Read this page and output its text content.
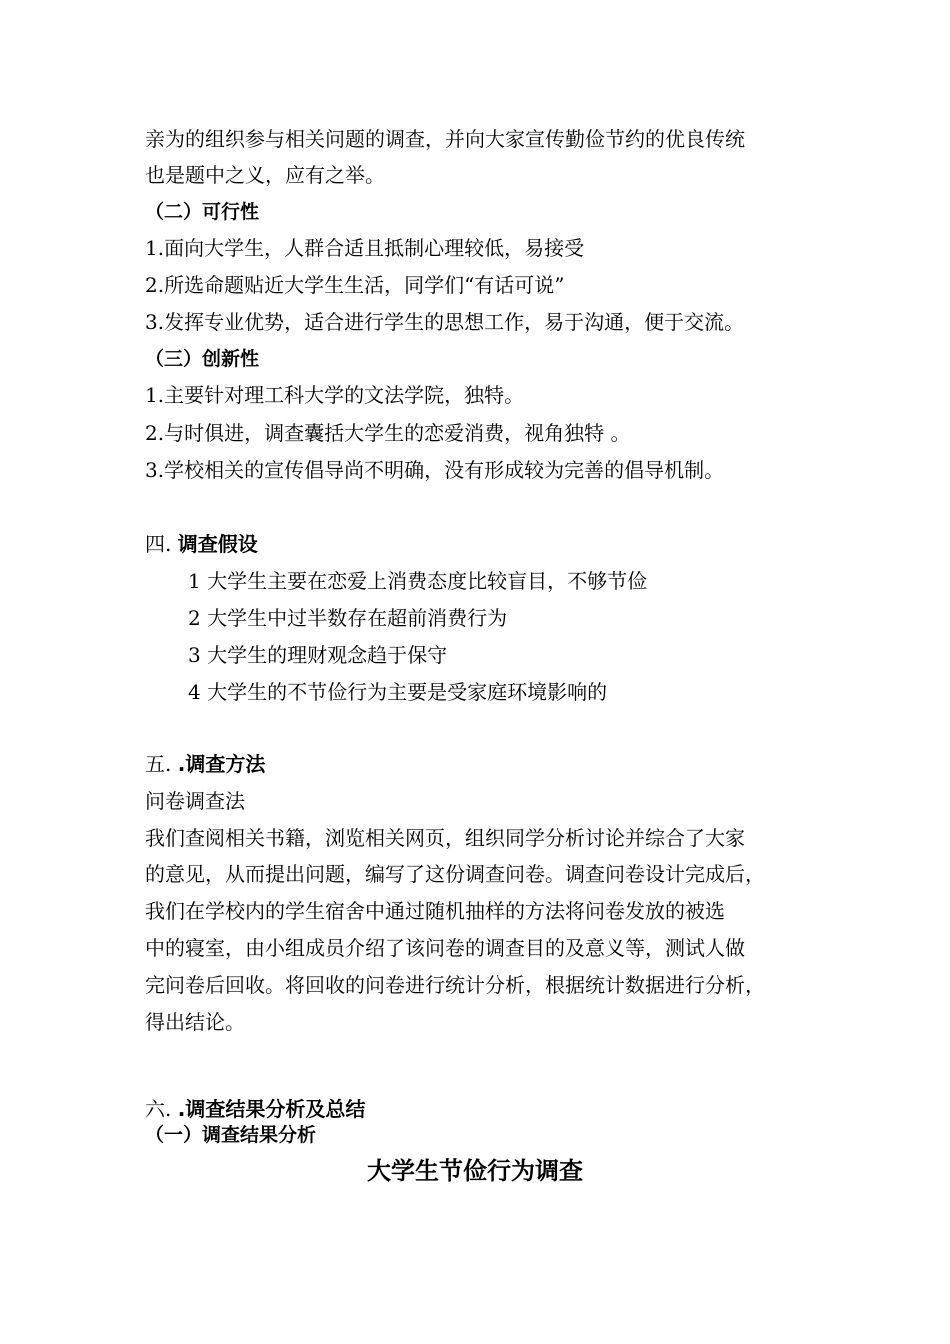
亲为的组织参与相关问题的调查，并向大家宣传勤俭节约的优良传统
也是题中之义，应有之举。
（二）可行性
1.面向大学生，人群合适且抵制心理较低，易接受
2.所选命题贴近大学生生活，同学们“有话可说”
3.发挥专业优势，适合进行学生的思想工作，易于沟通，便于交流。
（三）创新性
1.主要针对理工科大学的文法学院，独特。
2.与时俱进，调查囊括大学生的恋爱消费，视角独特 。
3.学校相关的宣传倡导尚不明确，没有形成较为完善的倡导机制。
四. 调查假设
1 大学生主要在恋爱上消费态度比较盲目，不够节俭
2 大学生中过半数存在超前消费行为
3 大学生的理财观念趋于保守
4 大学生的不节俭行为主要是受家庭环境影响的
五. .调查方法
问卷调查法
我们查阅相关书籍，浏览相关网页，组织同学分析讨论并综合了大家
的意见，从而提出问题，编写了这份调查问卷。调查问卷设计完成后，
我们在学校内的学生宿舍中通过随机抽样的方法将问卷发放的被选
中的寝室，由小组成员介绍了该问卷的调查目的及意义等，测试人做
完问卷后回收。将回收的问卷进行统计分析，根据统计数据进行分析，
得出结论。
六. .调查结果分析及总结
（一）调查结果分析
大学生节俭行为调查
